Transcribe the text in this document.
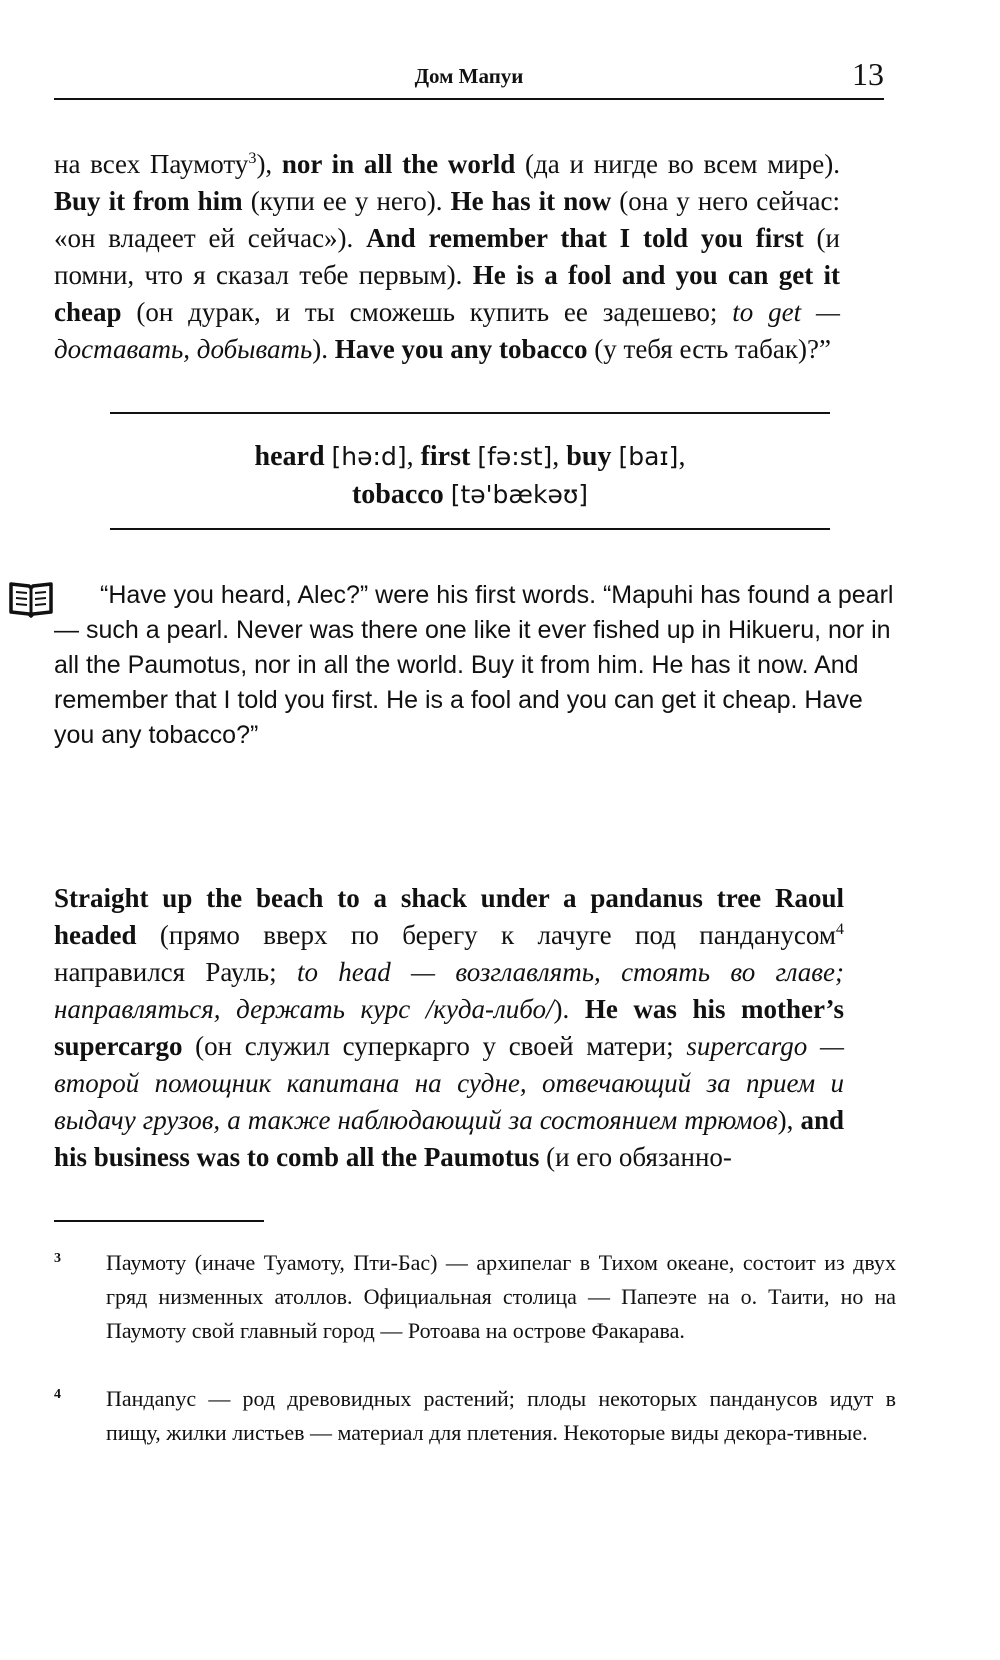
Дом Мапуи	13

на всех Паумоту$^3$), nor in all the world (да и нигде во всем мире). Buy it from him (купи ее у него). He has it now (она у него сейчас: «он владеет ей сейчас»). And remember that I told you first (и помни, что я сказал тебе первым). He is a fool and you can get it cheap (он дурак, и ты сможешь купить ее задешево; to get — доставать, добывать). Have you any tobacco (у тебя есть табак)?”

heard [hə:d], first [fə:st], buy [baɪ],
tobacco [tə'bækəʊ]

“Have you heard, Alec?” were his first words. “Mapuhi has found a pearl — such a pearl. Never was there one like it ever fished up in Hikueru, nor in all the Paumotus, nor in all the world. Buy it from him. He has it now. And remember that I told you first. He is a fool and you can get it cheap. Have you any tobacco?”

Straight up the beach to a shack under a pandanus tree Raoul headed (прямо вверх по берегу к лачуге под панданусом$^4$ направился Рауль; to head — возглавлять, стоять во главе; направляться, держать курс /куда-либо/). He was his mother’s supercargo (он служил суперкарго у своей матери; supercargo — второй помощник капитана на судне, отвечающий за прием и выдачу грузов, а также наблюдающий за состоянием трюмов), and his business was to comb all the Paumotus (и его обязанно-

3	Паумоту (иначе Туамоту, Пти-Бас) — архипелаг в Тихом океане, состоит из двух гряд низменных атоллов. Официальная столица — Папеэте на о. Таити, но на Паумоту свой главный город — Ротоава на острове Факарава.

4	Пандanус — род древовидных растений; плоды некоторых панданусов идут в пищу, жилки листьев — материал для плетения. Некоторые виды декора-тивные.
